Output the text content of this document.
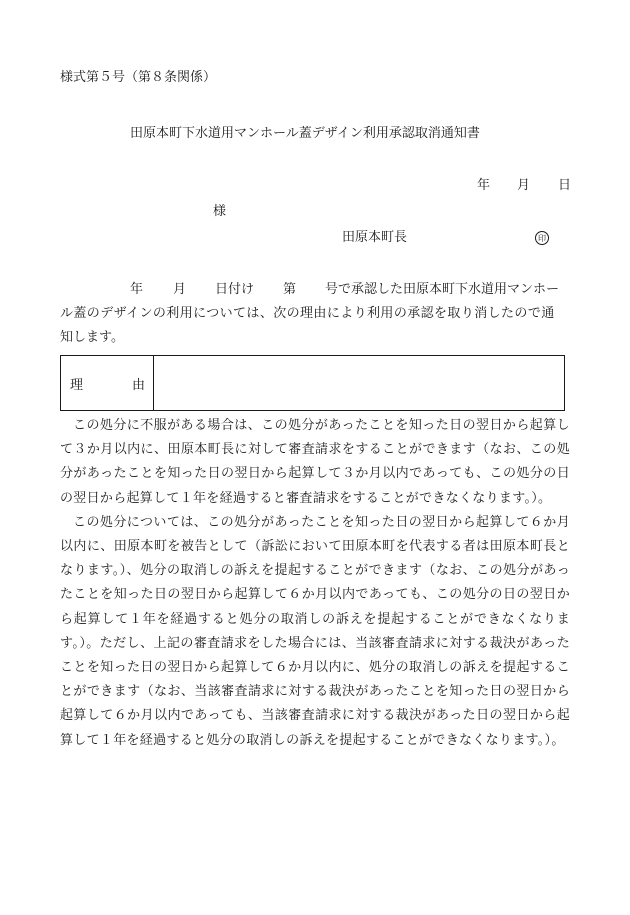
様式第５号（第８条関係）
田原本町下水道用マンホール蓋デザイン利用承認取消通知書
年 月 日
様
田原本町長	印
年 月 日付け 第 号で承認した田原本町下水道用マンホー
ル蓋のデザインの利用については、次の理由により利用の承認を取り消したので通
知します。
理	由

この処分に不服がある場合は、この処分があったことを知った日の翌日から起算して３か月以内に、田原本町長に対して審査請求をすることができます（なお、この処分があったことを知った日の翌日から起算して３か月以内であっても、この処分の日の翌日から起算して１年を経過すると審査請求をすることができなくなります。）。

この処分については、この処分があったことを知った日の翌日から起算して６か月以内に、田原本町を被告として（訴訟において田原本町を代表する者は田原本町長となります。）、処分の取消しの訴えを提起することができます（なお、この処分があったことを知った日の翌日から起算して６か月以内であっても、この処分の日の翌日から起算して１年を経過すると処分の取消しの訴えを提起することができなくなります。）。ただし、上記の審査請求をした場合には、当該審査請求に対する裁決があったことを知った日の翌日から起算して６か月以内に、処分の取消しの訴えを提起することができます（なお、当該審査請求に対する裁決があったことを知った日の翌日から起算して６か月以内であっても、当該審査請求に対する裁決があった日の翌日から起算して１年を経過すると処分の取消しの訴えを提起することができなくなります。）。
